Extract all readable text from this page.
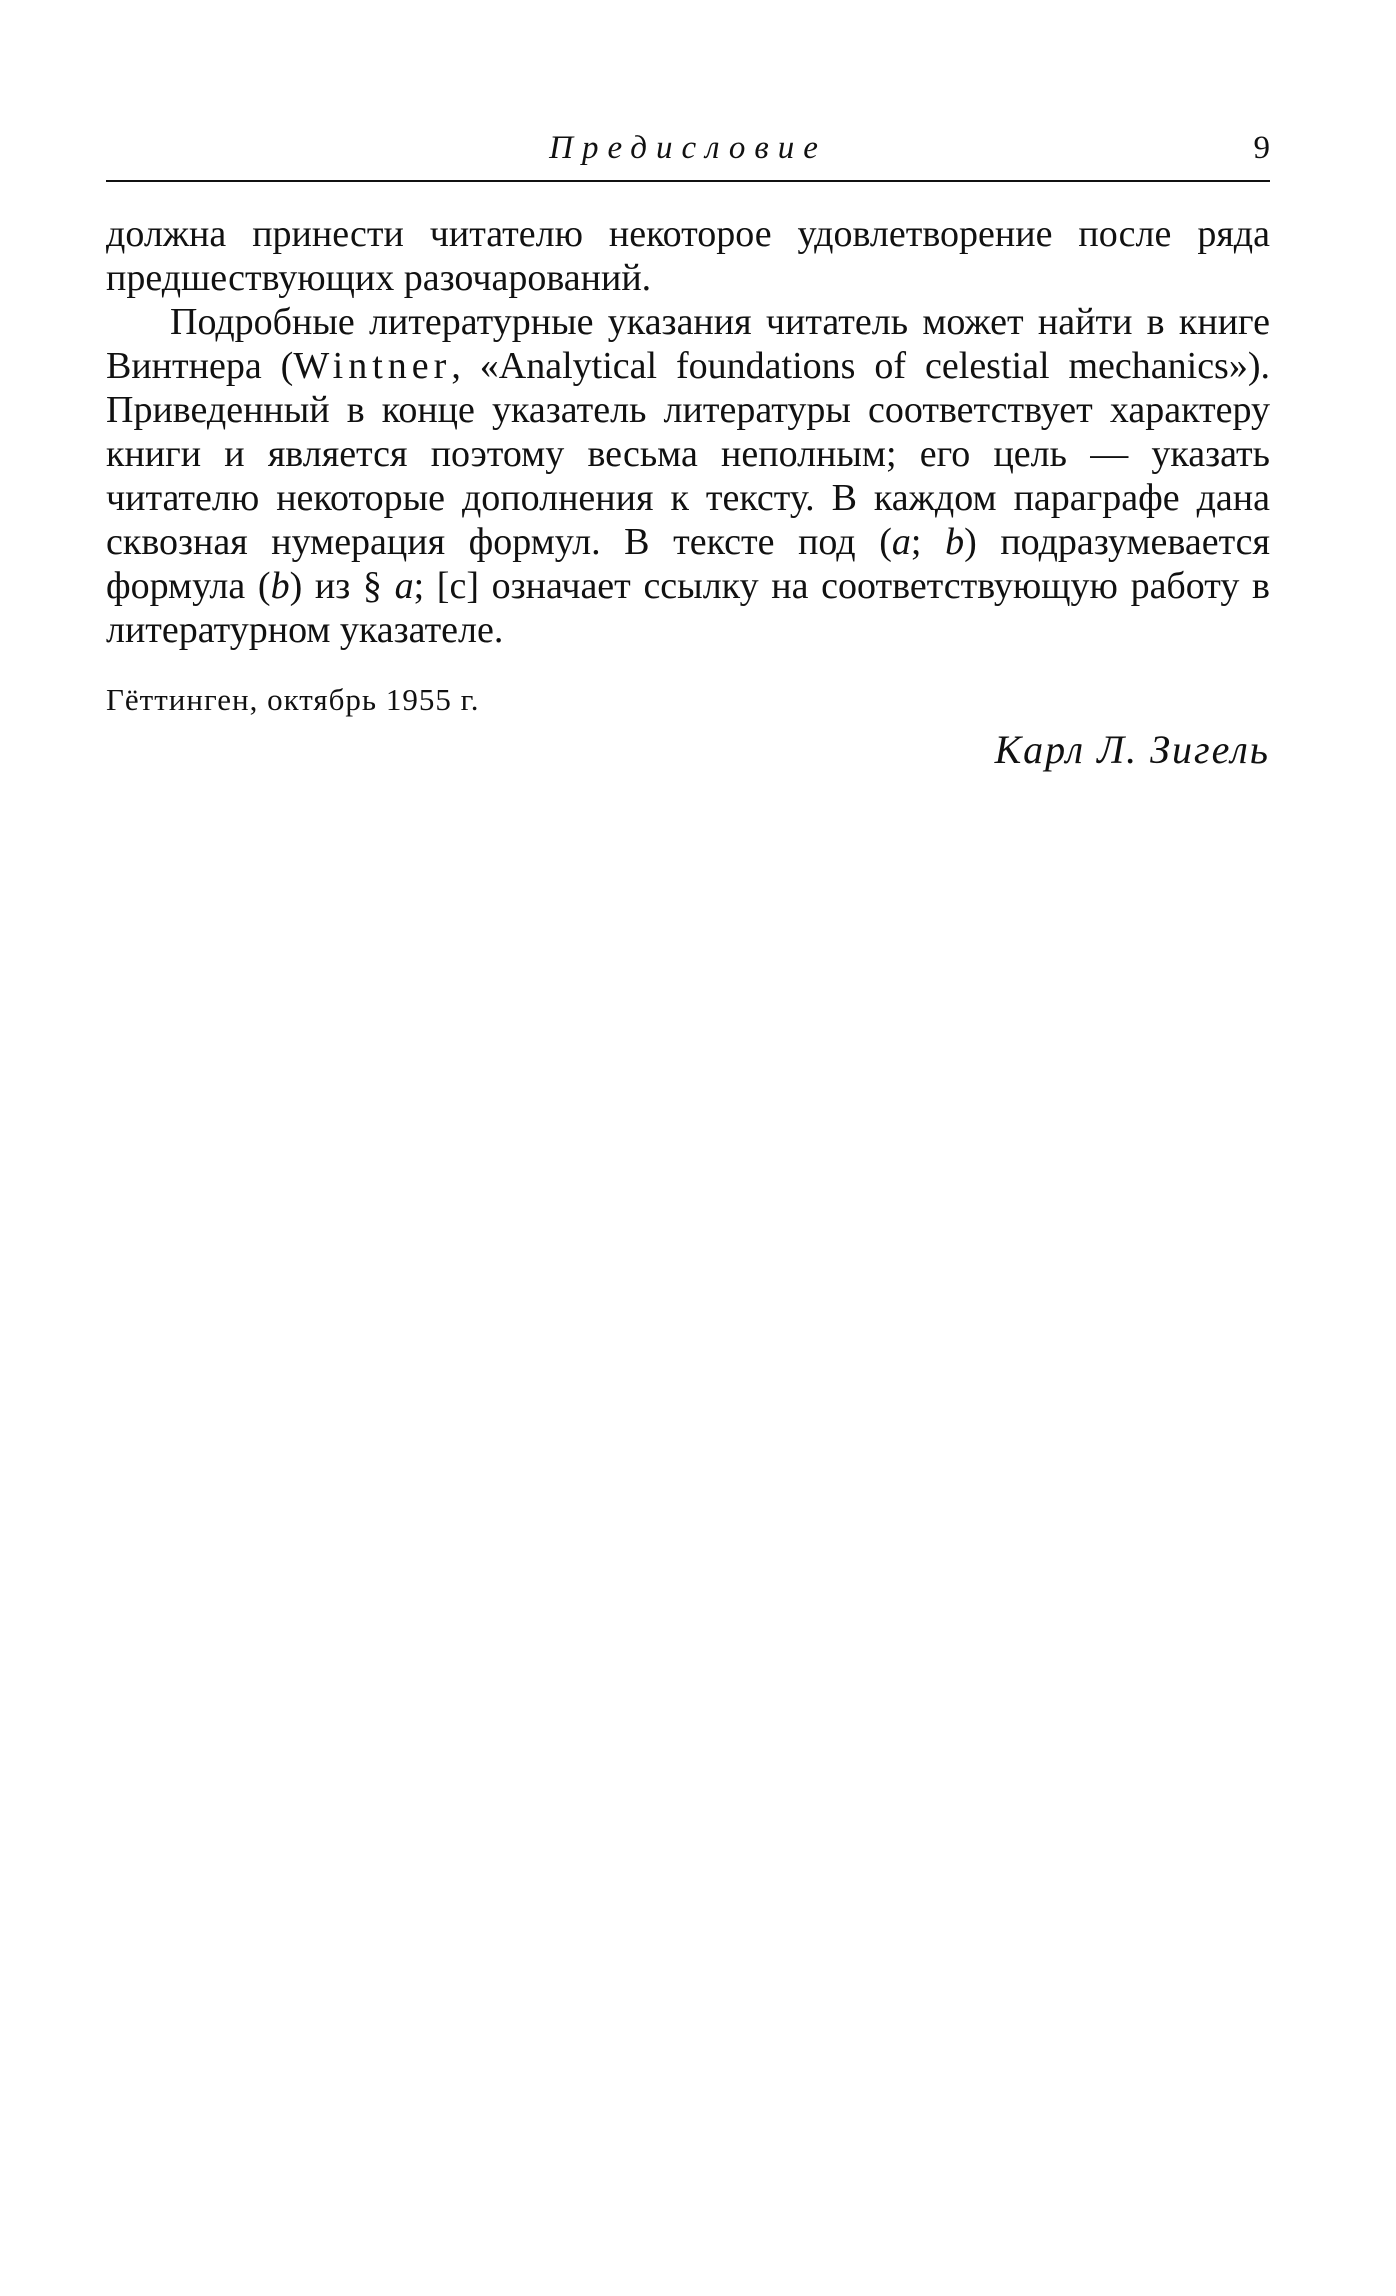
Предисловие	9

должна принести читателю некоторое удовлетворение после ряда предшествующих разочарований.

Подробные литературные указания читатель может найти в книге Винтнера (Wintner, «Analytical foundations of celestial mechanics»). Приведенный в конце указатель литературы соответствует характеру книги и является поэтому весьма неполным; его цель — указать читателю некоторые дополнения к тексту. В каждом параграфе дана сквозная нумерация формул. В тексте под (a; b) подразумевается формула (b) из § a; [c] означает ссылку на соответствующую работу в литературном указателе.

Гёттинген, октябрь 1955 г.
Карл Л. Зигель
